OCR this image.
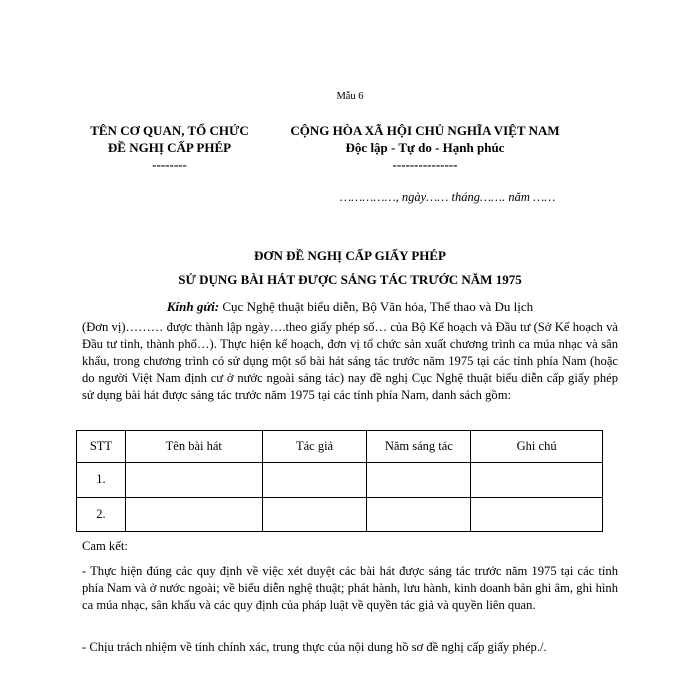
Mẫu 6
TÊN CƠ QUAN, TỔ CHỨC
ĐỀ NGHỊ CẤP PHÉP
--------
CỘNG HÒA XÃ HỘI CHỦ NGHĨA VIỆT NAM
Độc lập - Tự do - Hạnh phúc
---------------
……………, ngày…… tháng……. năm ……
ĐƠN ĐỀ NGHỊ CẤP GIẤY PHÉP
SỬ DỤNG BÀI HÁT ĐƯỢC SÁNG TÁC TRƯỚC NĂM 1975
Kính gửi: Cục Nghệ thuật biểu diễn, Bộ Văn hóa, Thể thao và Du lịch
(Đơn vị)……… được thành lập ngày….theo giấy phép số… của Bộ Kế hoạch và Đầu tư (Sở Kế hoạch và Đầu tư tỉnh, thành phố…). Thực hiện kế hoạch, đơn vị tổ chức sản xuất chương trình ca múa nhạc và sân khấu, trong chương trình có sử dụng một số bài hát sáng tác trước năm 1975 tại các tỉnh phía Nam (hoặc do người Việt Nam định cư ở nước ngoài sáng tác) nay đề nghị Cục Nghệ thuật biểu diễn cấp giấy phép sử dụng bài hát được sáng tác trước năm 1975 tại các tỉnh phía Nam, danh sách gồm:
STT	Tên bài hát	Tác giả	Năm sáng tác	Ghi chú
1.				
2.				
Cam kết:
- Thực hiện đúng các quy định về việc xét duyệt các bài hát được sáng tác trước năm 1975 tại các tỉnh phía Nam và ở nước ngoài; về biểu diễn nghệ thuật; phát hành, lưu hành, kinh doanh bản ghi âm, ghi hình ca múa nhạc, sân khấu và các quy định của pháp luật về quyền tác giả và quyền liên quan.
- Chịu trách nhiệm về tính chính xác, trung thực của nội dung hồ sơ đề nghị cấp giấy phép./.
